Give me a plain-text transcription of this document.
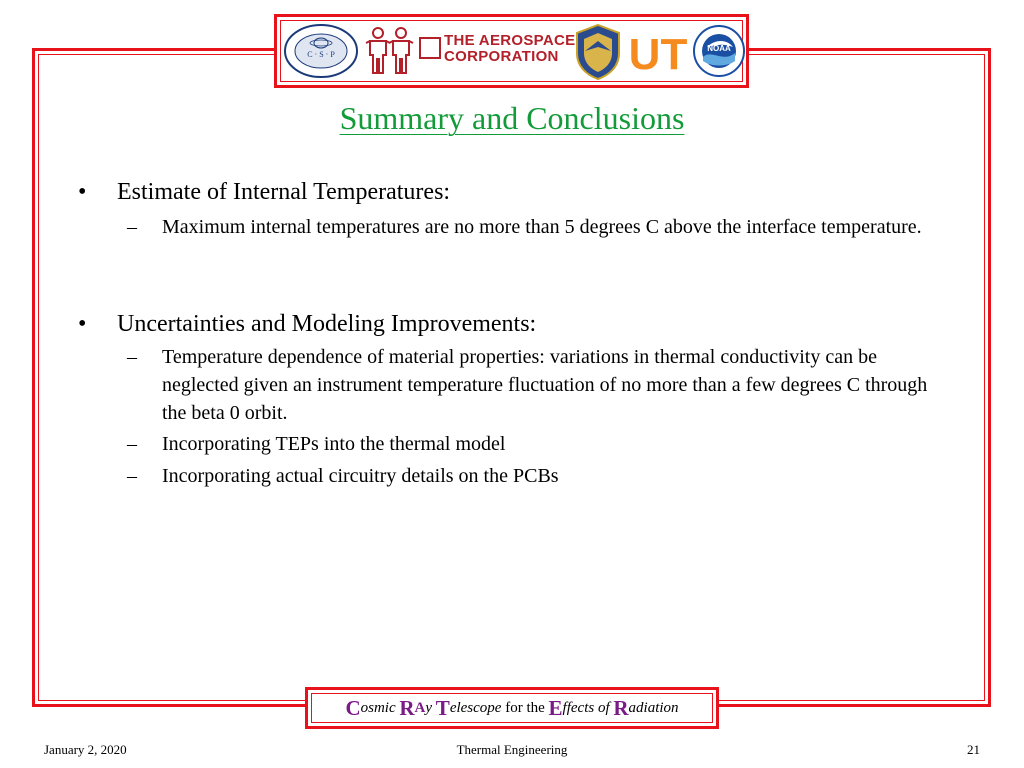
C · S · P
THE AEROSPACE
CORPORATION UT NOAA
Summary and Conclusions
•	Estimate of Internal Temperatures:
– Maximum internal temperatures are no more than 5 degrees C above the interface temperature.
•	Uncertainties and Modeling Improvements:
– Temperature dependence of material properties: variations in thermal conductivity can be neglected given an instrument temperature fluctuation of no more than a few degrees C through the beta 0 orbit.
– Incorporating TEPs into the thermal model
– Incorporating actual circuitry details on the PCBs
C osmic
R A y
T elescope
for the
E ffects of
R adiation
January 2, 2020	Thermal Engineering	21
